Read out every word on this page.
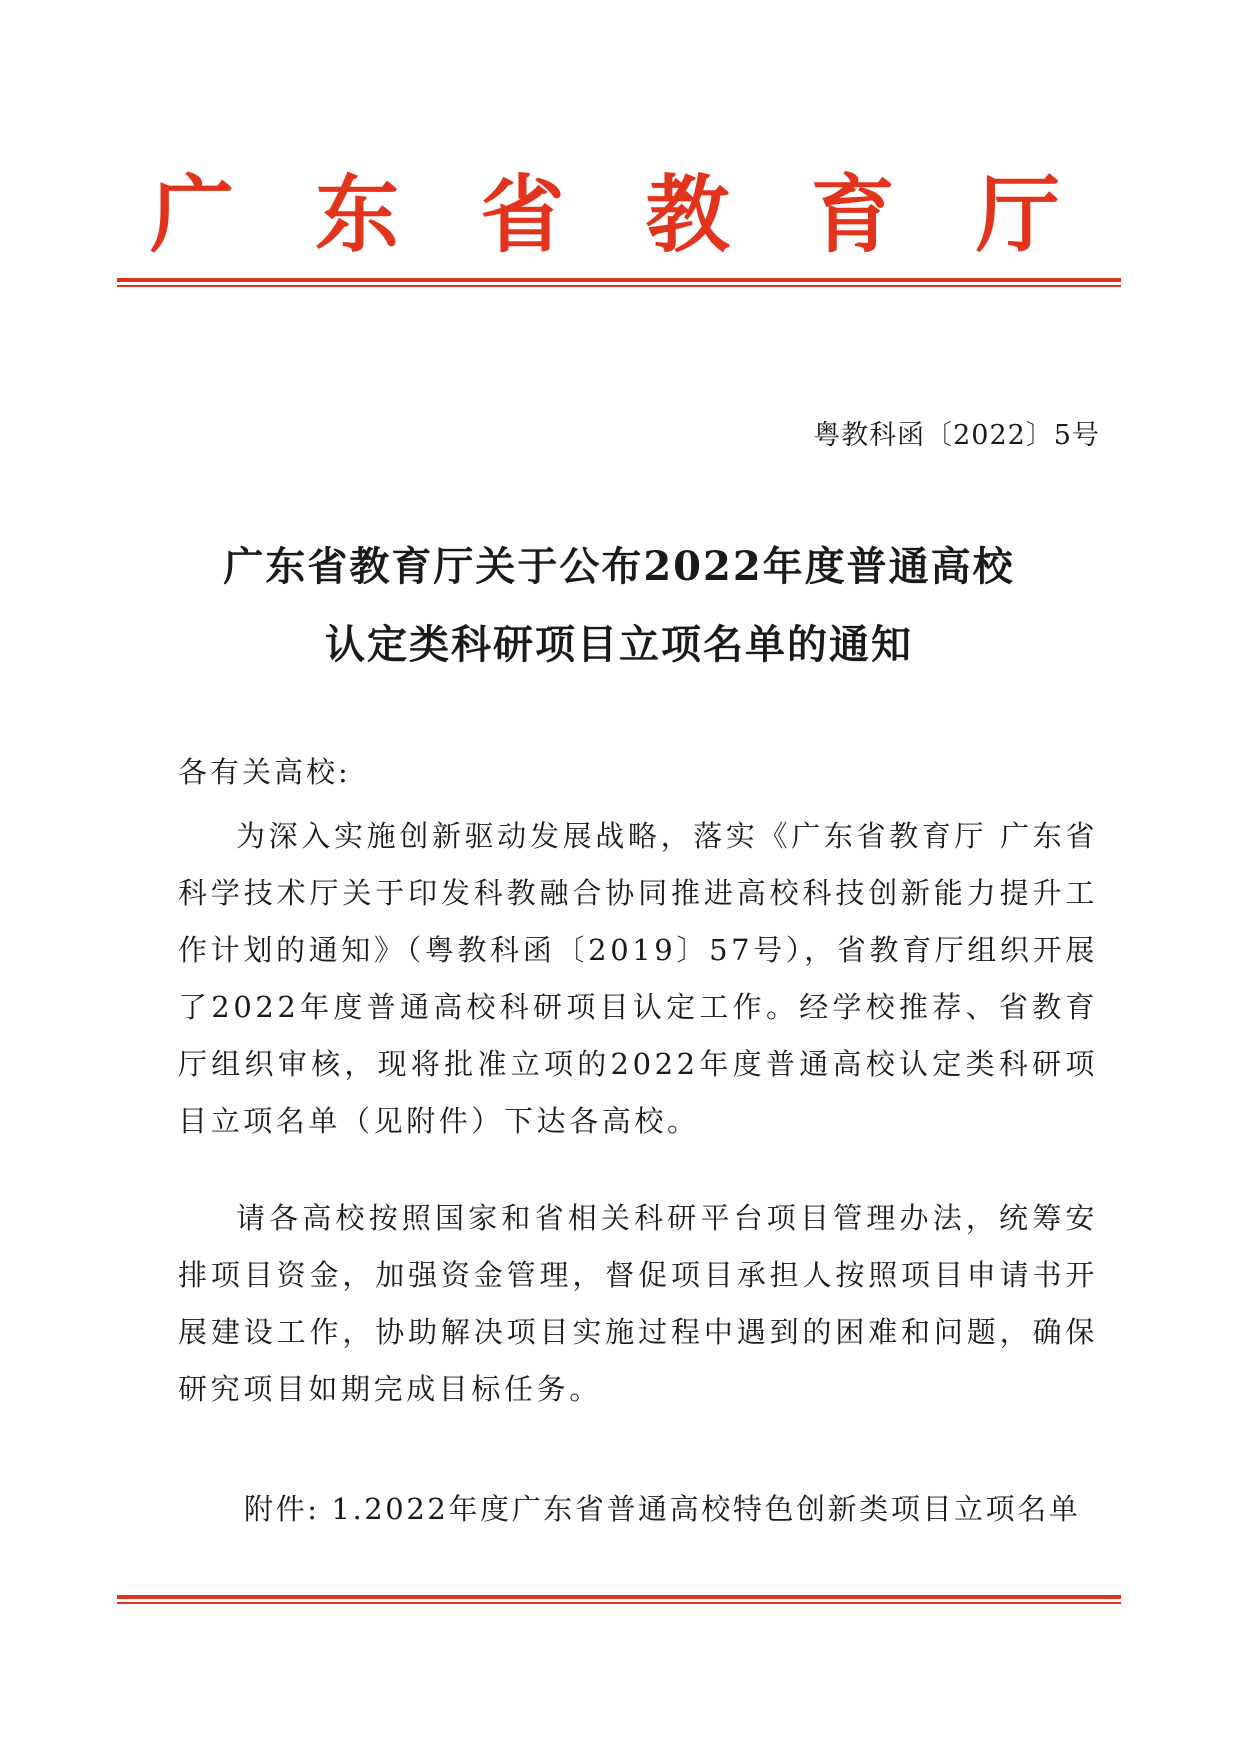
广 东 省 教 育 厅
粤教科函〔2022〕5号
广东省教育厅关于公布2022年度普通高校
认定类科研项目立项名单的通知
各有关高校:

为深入实施创新驱动发展战略，落实《广东省教育厅 广东省科学技术厅关于印发科教融合协同推进高校科技创新能力提升工作计划的通知》（粤教科函〔2019〕57号），省教育厅组织开展了2022年度普通高校科研项目认定工作。经学校推荐、省教育厅组织审核，现将批准立项的2022年度普通高校认定类科研项目立项名单（见附件）下达各高校。

请各高校按照国家和省相关科研平台项目管理办法，统筹安排项目资金，加强资金管理，督促项目承担人按照项目申请书开展建设工作，协助解决项目实施过程中遇到的困难和问题，确保研究项目如期完成目标任务。

附件: 1.2022年度广东省普通高校特色创新类项目立项名单
